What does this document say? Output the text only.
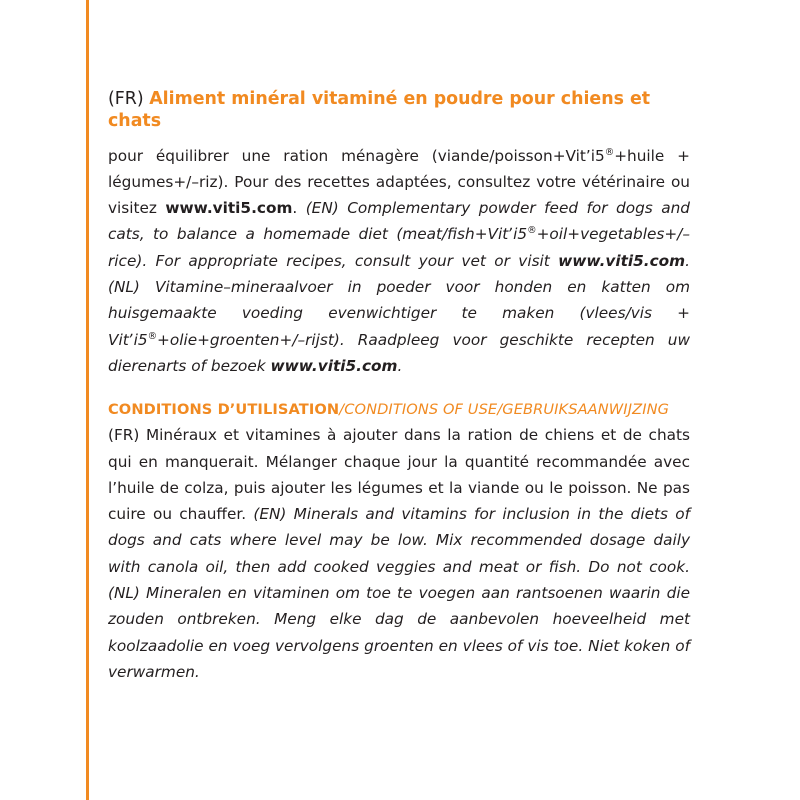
(FR) Aliment minéral vitaminé en poudre pour chiens et chats

pour équilibrer une ration ménagère (viande/poisson+Vitʼi5®+huile + légumes+/–riz). Pour des recettes adaptées, consultez votre vétérinaire ou visitez www.viti5.com. (EN) Complementary powder feed for dogs and cats, to balance a homemade diet (meat/fish+Vitʼi5®+oil+vegetables+/–rice). For appropriate recipes, consult your vet or visit www.viti5.com. (NL) Vitamine–mineraalvoer in poeder voor honden en katten om huisgemaakte voeding evenwichtiger te maken (vlees/vis + Vitʼi5®+olie+groenten+/–rijst). Raadpleeg voor geschikte recepten uw dierenarts of bezoek www.viti5.com.

CONDITIONS DʼUTILISATION/CONDITIONS OF USE/GEBRUIKSAANWIJZING

(FR) Minéraux et vitamines à ajouter dans la ration de chiens et de chats qui en manquerait. Mélanger chaque jour la quantité recommandée avec lʼhuile de colza, puis ajouter les légumes et la viande ou le poisson. Ne pas cuire ou chauffer. (EN) Minerals and vitamins for inclusion in the diets of dogs and cats where level may be low. Mix recommended dosage daily with canola oil, then add cooked veggies and meat or fish. Do not cook. (NL) Mineralen en vitaminen om toe te voegen aan rantsoenen waarin die zouden ontbreken. Meng elke dag de aanbevolen hoeveelheid met koolzaadolie en voeg vervolgens groenten en vlees of vis toe. Niet koken of verwarmen.
